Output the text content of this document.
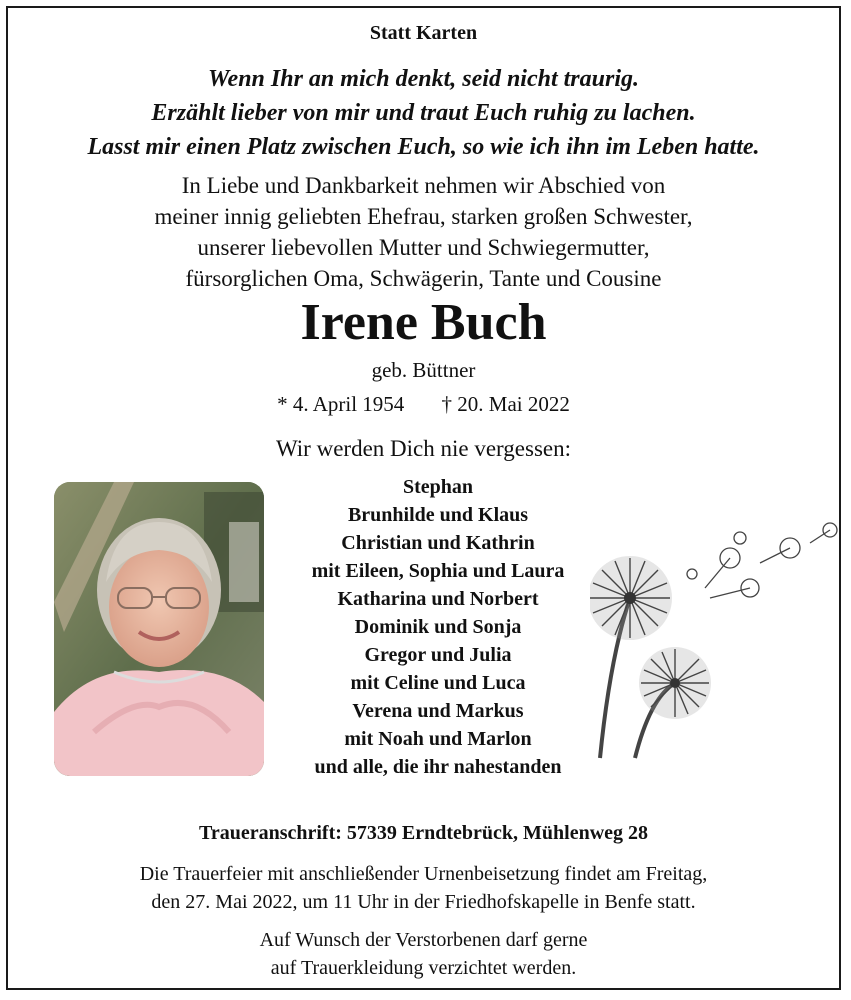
Statt Karten
Wenn Ihr an mich denkt, seid nicht traurig.
Erzählt lieber von mir und traut Euch ruhig zu lachen.
Lasst mir einen Platz zwischen Euch, so wie ich ihn im Leben hatte.
In Liebe und Dankbarkeit nehmen wir Abschied von
meiner innig geliebten Ehefrau, starken großen Schwester,
unserer liebevollen Mutter und Schwiegermutter,
fürsorglichen Oma, Schwägerin, Tante und Cousine
Irene Buch
geb. Büttner
* 4. April 1954 † 20. Mai 2022
Wir werden Dich nie vergessen:
Stephan
Brunhilde und Klaus
Christian und Kathrin
mit Eileen, Sophia und Laura
Katharina und Norbert
Dominik und Sonja
Gregor und Julia
mit Celine und Luca
Verena und Markus
mit Noah und Marlon
und alle, die ihr nahestanden
Traueranschrift: 57339 Erndtebrück, Mühlenweg 28
Die Trauerfeier mit anschließender Urnenbeisetzung findet am Freitag,
den 27. Mai 2022, um 11 Uhr in der Friedhofskapelle in Benfe statt.
Auf Wunsch der Verstorbenen darf gerne
auf Trauerkleidung verzichtet werden.
